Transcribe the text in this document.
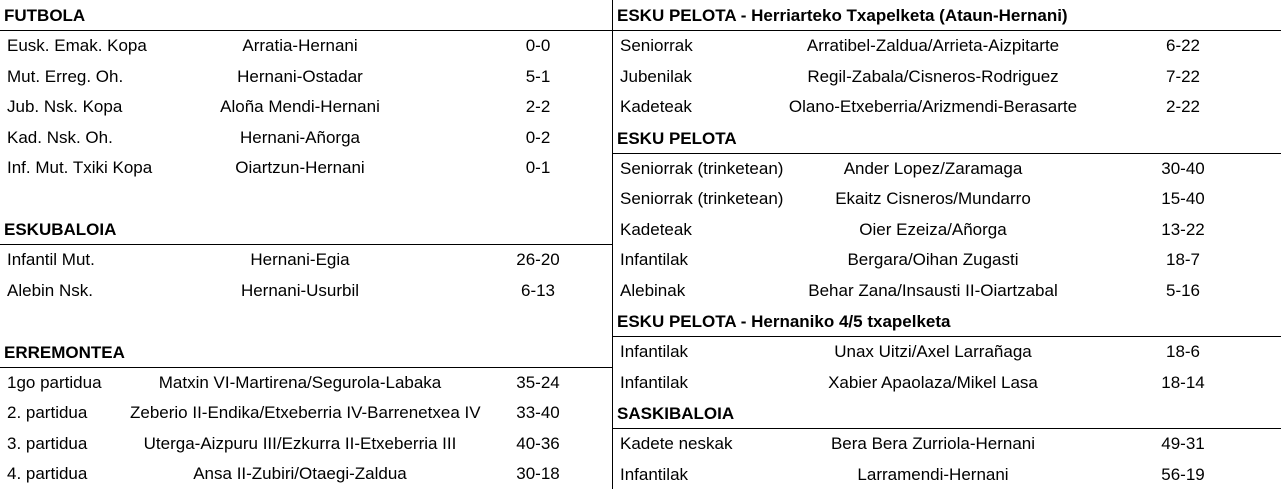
FUTBOLA
Eusk. Emak. Kopa	Arratia-Hernani	0-0
Mut. Erreg. Oh.	Hernani-Ostadar	5-1
Jub. Nsk. Kopa	Aloña Mendi-Hernani	2-2
Kad. Nsk. Oh.	Hernani-Añorga	0-2
Inf. Mut. Txiki Kopa	Oiartzun-Hernani	0-1
ESKUBALOIA
Infantil Mut.	Hernani-Egia	26-20
Alebin Nsk.	Hernani-Usurbil	6-13
ERREMONTEA
1go partidua	Matxin VI-Martirena/Segurola-Labaka	35-24
2. partidua	Zeberio II-Endika/Etxeberria IV-Barrenetxea IV	33-40
3. partidua	Uterga-Aizpuru III/Ezkurra II-Etxeberria III	40-36
4. partidua	Ansa II-Zubiri/Otaegi-Zaldua	30-18
ESKU PELOTA - Herriarteko Txapelketa (Ataun-Hernani)
Seniorrak	Arratibel-Zaldua/Arrieta-Aizpitarte	6-22
Jubenilak	Regil-Zabala/Cisneros-Rodriguez	7-22
Kadeteak	Olano-Etxeberria/Arizmendi-Berasarte	2-22
ESKU PELOTA
Seniorrak (trinketean)	Ander Lopez/Zaramaga	30-40
Seniorrak (trinketean)	Ekaitz Cisneros/Mundarro	15-40
Kadeteak	Oier Ezeiza/Añorga	13-22
Infantilak	Bergara/Oihan Zugasti	18-7
Alebinak	Behar Zana/Insausti II-Oiartzabal	5-16
ESKU PELOTA - Hernaniko 4/5 txapelketa
Infantilak	Unax Uitzi/Axel Larrañaga	18-6
Infantilak	Xabier Apaolaza/Mikel Lasa	18-14
SASKIBALOIA
Kadete neskak	Bera Bera Zurriola-Hernani	49-31
Infantilak	Larramendi-Hernani	56-19
